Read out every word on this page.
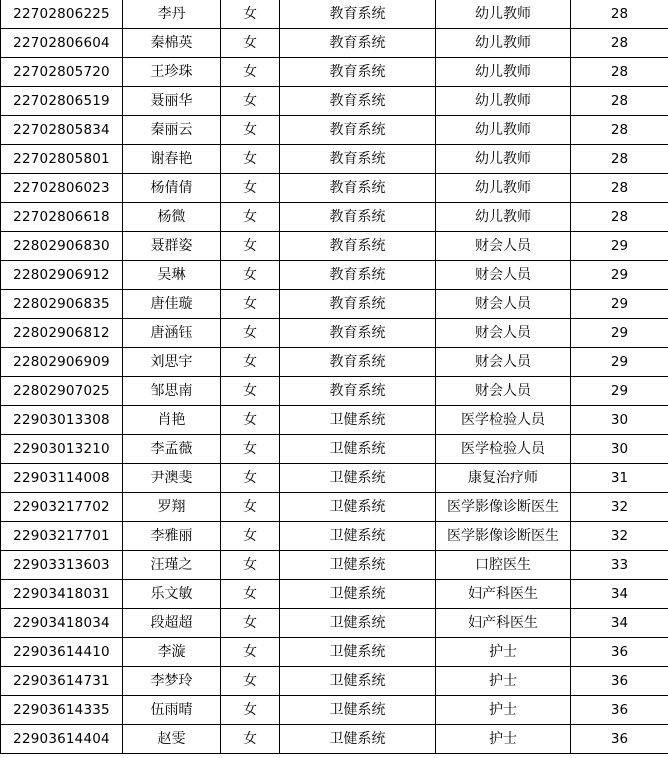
22702806225	李丹	女	教育系统	幼儿教师	28
22702806604	秦棉英	女	教育系统	幼儿教师	28
22702805720	王珍珠	女	教育系统	幼儿教师	28
22702806519	聂丽华	女	教育系统	幼儿教师	28
22702805834	秦丽云	女	教育系统	幼儿教师	28
22702805801	谢春艳	女	教育系统	幼儿教师	28
22702806023	杨倩倩	女	教育系统	幼儿教师	28
22702806618	杨微	女	教育系统	幼儿教师	28
22802906830	聂群姿	女	教育系统	财会人员	29
22802906912	吴琳	女	教育系统	财会人员	29
22802906835	唐佳璇	女	教育系统	财会人员	29
22802906812	唐涵钰	女	教育系统	财会人员	29
22802906909	刘思宇	女	教育系统	财会人员	29
22802907025	邹思南	女	教育系统	财会人员	29
22903013308	肖艳	女	卫健系统	医学检验人员	30
22903013210	李孟薇	女	卫健系统	医学检验人员	30
22903114008	尹澳斐	女	卫健系统	康复治疗师	31
22903217702	罗翔	女	卫健系统	医学影像诊断医生	32
22903217701	李雅丽	女	卫健系统	医学影像诊断医生	32
22903313603	汪瑾之	女	卫健系统	口腔医生	33
22903418031	乐文敏	女	卫健系统	妇产科医生	34
22903418034	段超超	女	卫健系统	妇产科医生	34
22903614410	李漩	女	卫健系统	护士	36
22903614731	李梦玲	女	卫健系统	护士	36
22903614335	伍雨晴	女	卫健系统	护士	36
22903614404	赵雯	女	卫健系统	护士	36
